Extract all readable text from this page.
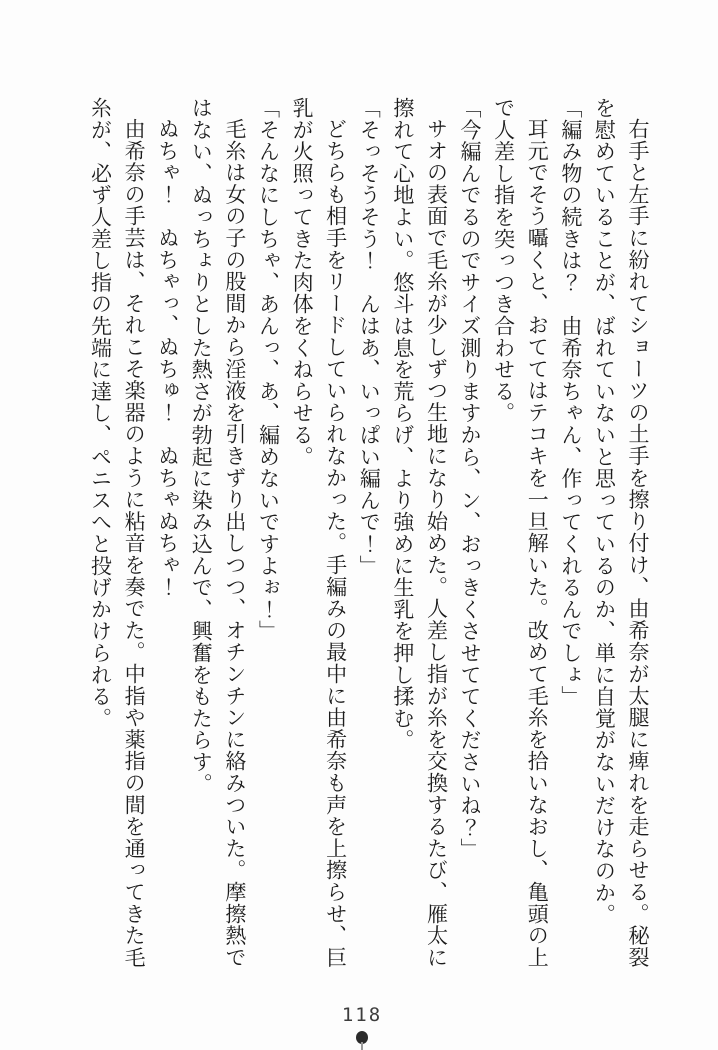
右手と左手に紛れてショーツの土手を擦り付け、由希奈が太腿に痺れを走らせる。秘裂

を慰めていることが、ばれていないと思っているのか、単に自覚がないだけなのか。

「編み物の続きは？　由希奈ちゃん、作ってくれるんでしょ」

耳元でそう囁くと、おててはテコキを一旦解いた。改めて毛糸を拾いなおし、亀頭の上

で人差し指を突っつき合わせる。

「今編んでるのでサイズ測りますから、ン、おっきくさせててくださいね？」

サオの表面で毛糸が少しずつ生地になり始めた。人差し指が糸を交換するたび、雁太に

擦れて心地よい。悠斗は息を荒らげ、より強めに生乳を押し揉む。

「そっそうそう！　んはあ、いっぱい編んで！」

どちらも相手をリードしていられなかった。手編みの最中に由希奈も声を上擦らせ、巨

乳が火照ってきた肉体をくねらせる。

「そんなにしちゃ、あんっ、あ、編めないですよぉ！」

毛糸は女の子の股間から淫液を引きずり出しつつ、オチンチンに絡みついた。摩擦熱で

はない、ぬっちょりとした熱さが勃起に染み込んで、興奮をもたらす。

ぬちゃ！　ぬちゃっ、ぬちゅ！　ぬちゃぬちゃ！

由希奈の手芸は、それこそ楽器のように粘音を奏でた。中指や薬指の間を通ってきた毛

糸が、必ず人差し指の先端に達し、ペニスへと投げかけられる。

118
